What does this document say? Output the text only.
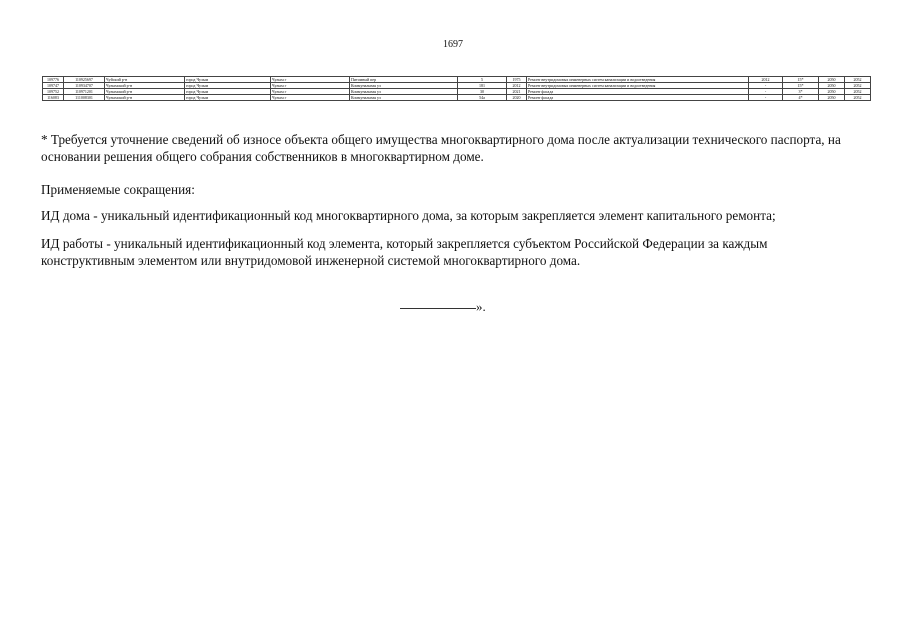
1697
109776	110925697	Чуйский р-н	город Чулым	Чулым г	Питомный пер	5	1975	Ремонт внутридомовых инженерных систем канализации и водоотведения	2012	15*	2050	2052
109747	110934707	Чулымский р-н	город Чулым	Чулым г	Коммунальная ул	181	2012	Ремонт внутридомовых инженерных систем канализации и водоотведения	-	15*	2050	2052
109752	110971201	Чулымский р-н	город Чулым	Чулым г	Коммунальная ул	30	2021	Ремонт фасада	-	3*	2050	2052
116083	111008301	Чулымский р-н	город Чулым	Чулым г	Коммунальная ул	54а	2020	Ремонт фасада	-	4*	2050	2052
* Требуется уточнение сведений об износе объекта общего имущества многоквартирного дома после актуализации технического паспорта, на основании решения общего собрания собственников в многоквартирном доме.
Применяемые сокращения:
ИД дома - уникальный идентификационный код многоквартирного дома, за которым закрепляется элемент капитального ремонта;
ИД работы - уникальный идентификационный код элемента, который закрепляется субъектом Российской Федерации за каждым конструктивным элементом или внутридомовой инженерной системой многоквартирного дома.
».
